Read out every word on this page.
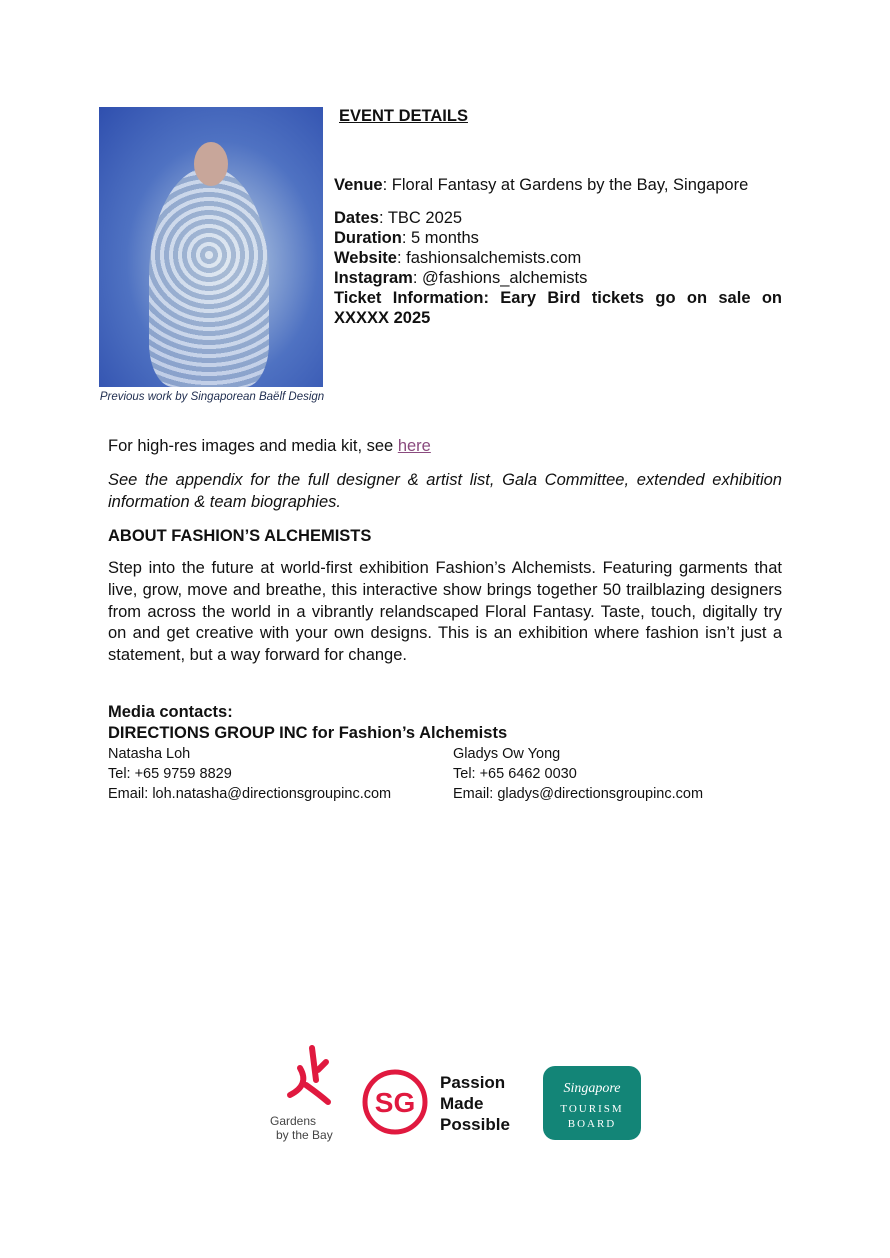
Previous work by Singaporean Baëlf Design
EVENT DETAILS

Venue: Floral Fantasy at Gardens by the Bay, Singapore

Dates: TBC 2025

Duration: 5 months

Website: fashionsalchemists.com

Instagram: @fashions_alchemists

Ticket Information: Eary Bird tickets go on sale on XXXXX 2025

For high-res images and media kit, see here
See the appendix for the full designer & artist list, Gala Committee, extended exhibition information & team biographies.
ABOUT FASHION’S ALCHEMISTS
Step into the future at world-first exhibition Fashion’s Alchemists. Featuring garments that live, grow, move and breathe, this interactive show brings together 50 trailblazing designers from across the world in a vibrantly relandscaped Floral Fantasy. Taste, touch, digitally try on and get creative with your own designs. This is an exhibition where fashion isn’t just a statement, but a way forward for change.
Media contacts:
DIRECTIONS GROUP INC for Fashion’s Alchemists
Natasha Loh
Tel: +65 9759 8829
Email: loh.natasha@directionsgroupinc.com
Gladys Ow Yong
Tel: +65 6462 0030
Email: gladys@directionsgroupinc.com
Gardens
by the Bay
SG
Passion
Made
Possible
Singapore
TOURISM
BOARD
